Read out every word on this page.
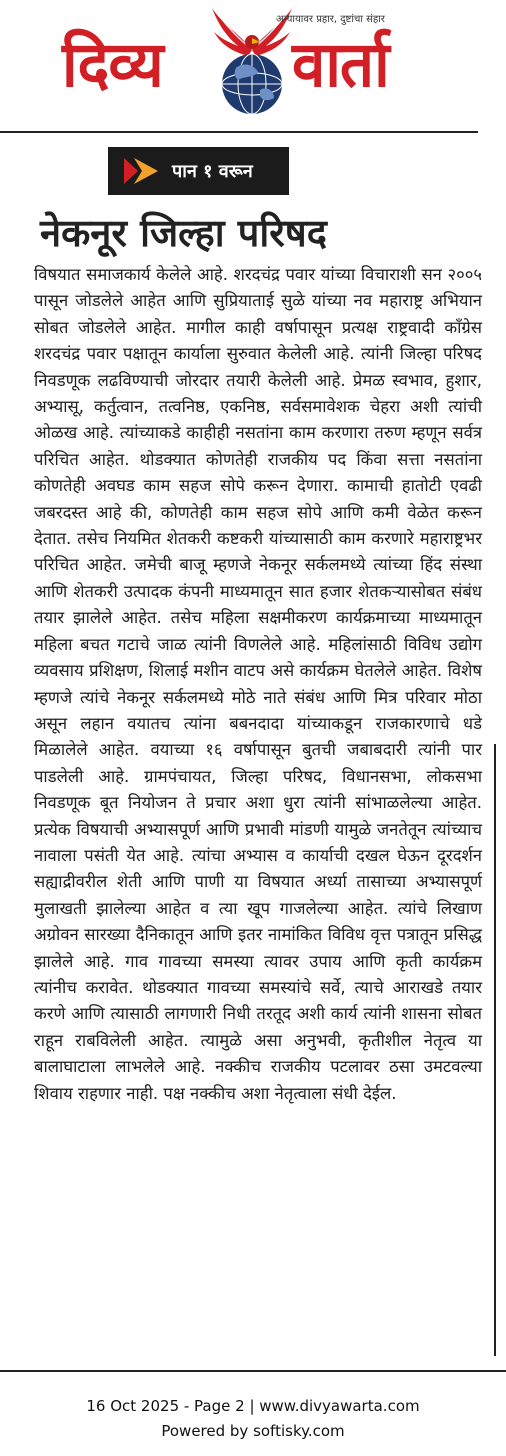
दिव्य वार्ता
अन्यायावर प्रहार, दुष्टांचा संहार
पान १ वरून
नेकनूर जिल्हा परिषद

विषयात समाजकार्य केलेले आहे. शरदचंद्र पवार यांच्या विचाराशी सन २००५ पासून जोडलेले आहेत आणि सुप्रियाताई सुळे यांच्या नव महाराष्ट्र अभियान सोबत जोडलेले आहेत. मागील काही वर्षापासून प्रत्यक्ष राष्ट्रवादी काँग्रेस शरदचंद्र पवार पक्षातून कार्याला सुरुवात केलेली आहे. त्यांनी जिल्हा परिषद निवडणूक लढविण्याची जोरदार तयारी केलेली आहे. प्रेमळ स्वभाव, हुशार, अभ्यासू, कर्तुत्वान, तत्वनिष्ठ, एकनिष्ठ, सर्वसमावेशक चेहरा अशी त्यांची ओळख आहे. त्यांच्याकडे काहीही नसतांना काम करणारा तरुण म्हणून सर्वत्र परिचित आहेत. थोडक्यात कोणतेही राजकीय पद किंवा सत्ता नसतांना कोणतेही अवघड काम सहज सोपे करून देणारा. कामाची हातोटी एवढी जबरदस्त आहे की, कोणतेही काम सहज सोपे आणि कमी वेळेत करून देतात. तसेच नियमित शेतकरी कष्टकरी यांच्यासाठी काम करणारे महाराष्ट्रभर परिचित आहेत. जमेची बाजू म्हणजे नेकनूर सर्कलमध्ये त्यांच्या हिंद संस्था आणि शेतकरी उत्पादक कंपनी माध्यमातून सात हजार शेतकऱ्यासोबत संबंध तयार झालेले आहेत. तसेच महिला सक्षमीकरण कार्यक्रमाच्या माध्यमातून महिला बचत गटाचे जाळ त्यांनी विणलेले आहे. महिलांसाठी विविध उद्योग व्यवसाय प्रशिक्षण, शिलाई मशीन वाटप असे कार्यक्रम घेतलेले आहेत. विशेष म्हणजे त्यांचे नेकनूर सर्कलमध्ये मोठे नाते संबंध आणि मित्र परिवार मोठा असून लहान वयातच त्यांना बबनदादा यांच्याकडून राजकारणाचे धडे मिळालेले आहेत. वयाच्या १६ वर्षापासून बुतची जबाबदारी त्यांनी पार पाडलेली आहे. ग्रामपंचायत, जिल्हा परिषद, विधानसभा, लोकसभा निवडणूक बूत नियोजन ते प्रचार अशा धुरा त्यांनी सांभाळलेल्या आहेत. प्रत्येक विषयाची अभ्यासपूर्ण आणि प्रभावी मांडणी यामुळे जनतेतून त्यांच्याच नावाला पसंती येत आहे. त्यांचा अभ्यास व कार्याची दखल घेऊन दूरदर्शन सह्याद्रीवरील शेती आणि पाणी या विषयात अर्ध्या तासाच्या अभ्यासपूर्ण मुलाखती झालेल्या आहेत व त्या खूप गाजलेल्या आहेत. त्यांचे लिखाण अग्रोवन सारख्या दैनिकातून आणि इतर नामांकित विविध वृत्त पत्रातून प्रसिद्ध झालेले आहे. गाव गावच्या समस्या त्यावर उपाय आणि कृती कार्यक्रम त्यांनीच करावेत. थोडक्यात गावच्या समस्यांचे सर्वे, त्याचे आराखडे तयार करणे आणि त्यासाठी लागणारी निधी तरतूद अशी कार्य त्यांनी शासना सोबत राहून राबविलेली आहेत. त्यामुळे असा अनुभवी, कृतीशील नेतृत्व या बालाघाटाला लाभलेले आहे. नक्कीच राजकीय पटलावर ठसा उमटवल्या शिवाय राहणार नाही. पक्ष नक्कीच अशा नेतृत्वाला संधी देईल.

16 Oct 2025 - Page 2 | www.divyawarta.com
Powered by softisky.com
